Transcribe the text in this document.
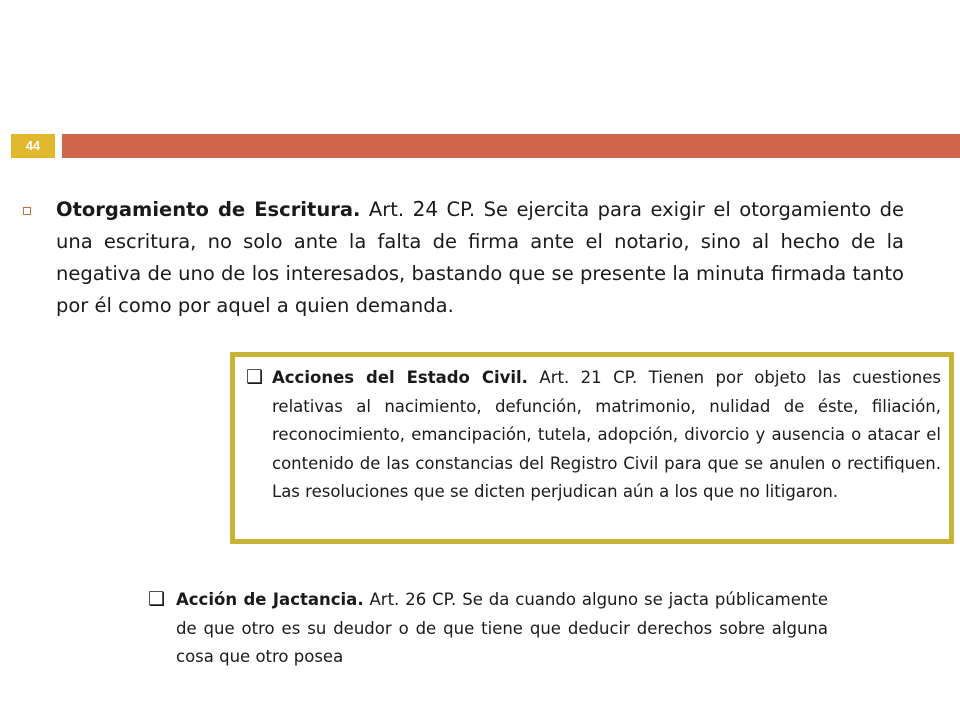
44
Otorgamiento de Escritura. Art. 24 CP. Se ejercita para exigir el otorgamiento de una escritura, no solo ante la falta de firma ante el notario, sino al hecho de la negativa de uno de los interesados, bastando que se presente la minuta firmada tanto por él como por aquel a quien demanda.
❑ Acciones del Estado Civil. Art. 21 CP. Tienen por objeto las cuestiones relativas al nacimiento, defunción, matrimonio, nulidad de éste, filiación, reconocimiento, emancipación, tutela, adopción, divorcio y ausencia o atacar el contenido de las constancias del Registro Civil para que se anulen o rectifiquen. Las resoluciones que se dicten perjudican aún a los que no litigaron.
❑ Acción de Jactancia. Art. 26 CP. Se da cuando alguno se jacta públicamente de que otro es su deudor o de que tiene que deducir derechos sobre alguna cosa que otro posea
